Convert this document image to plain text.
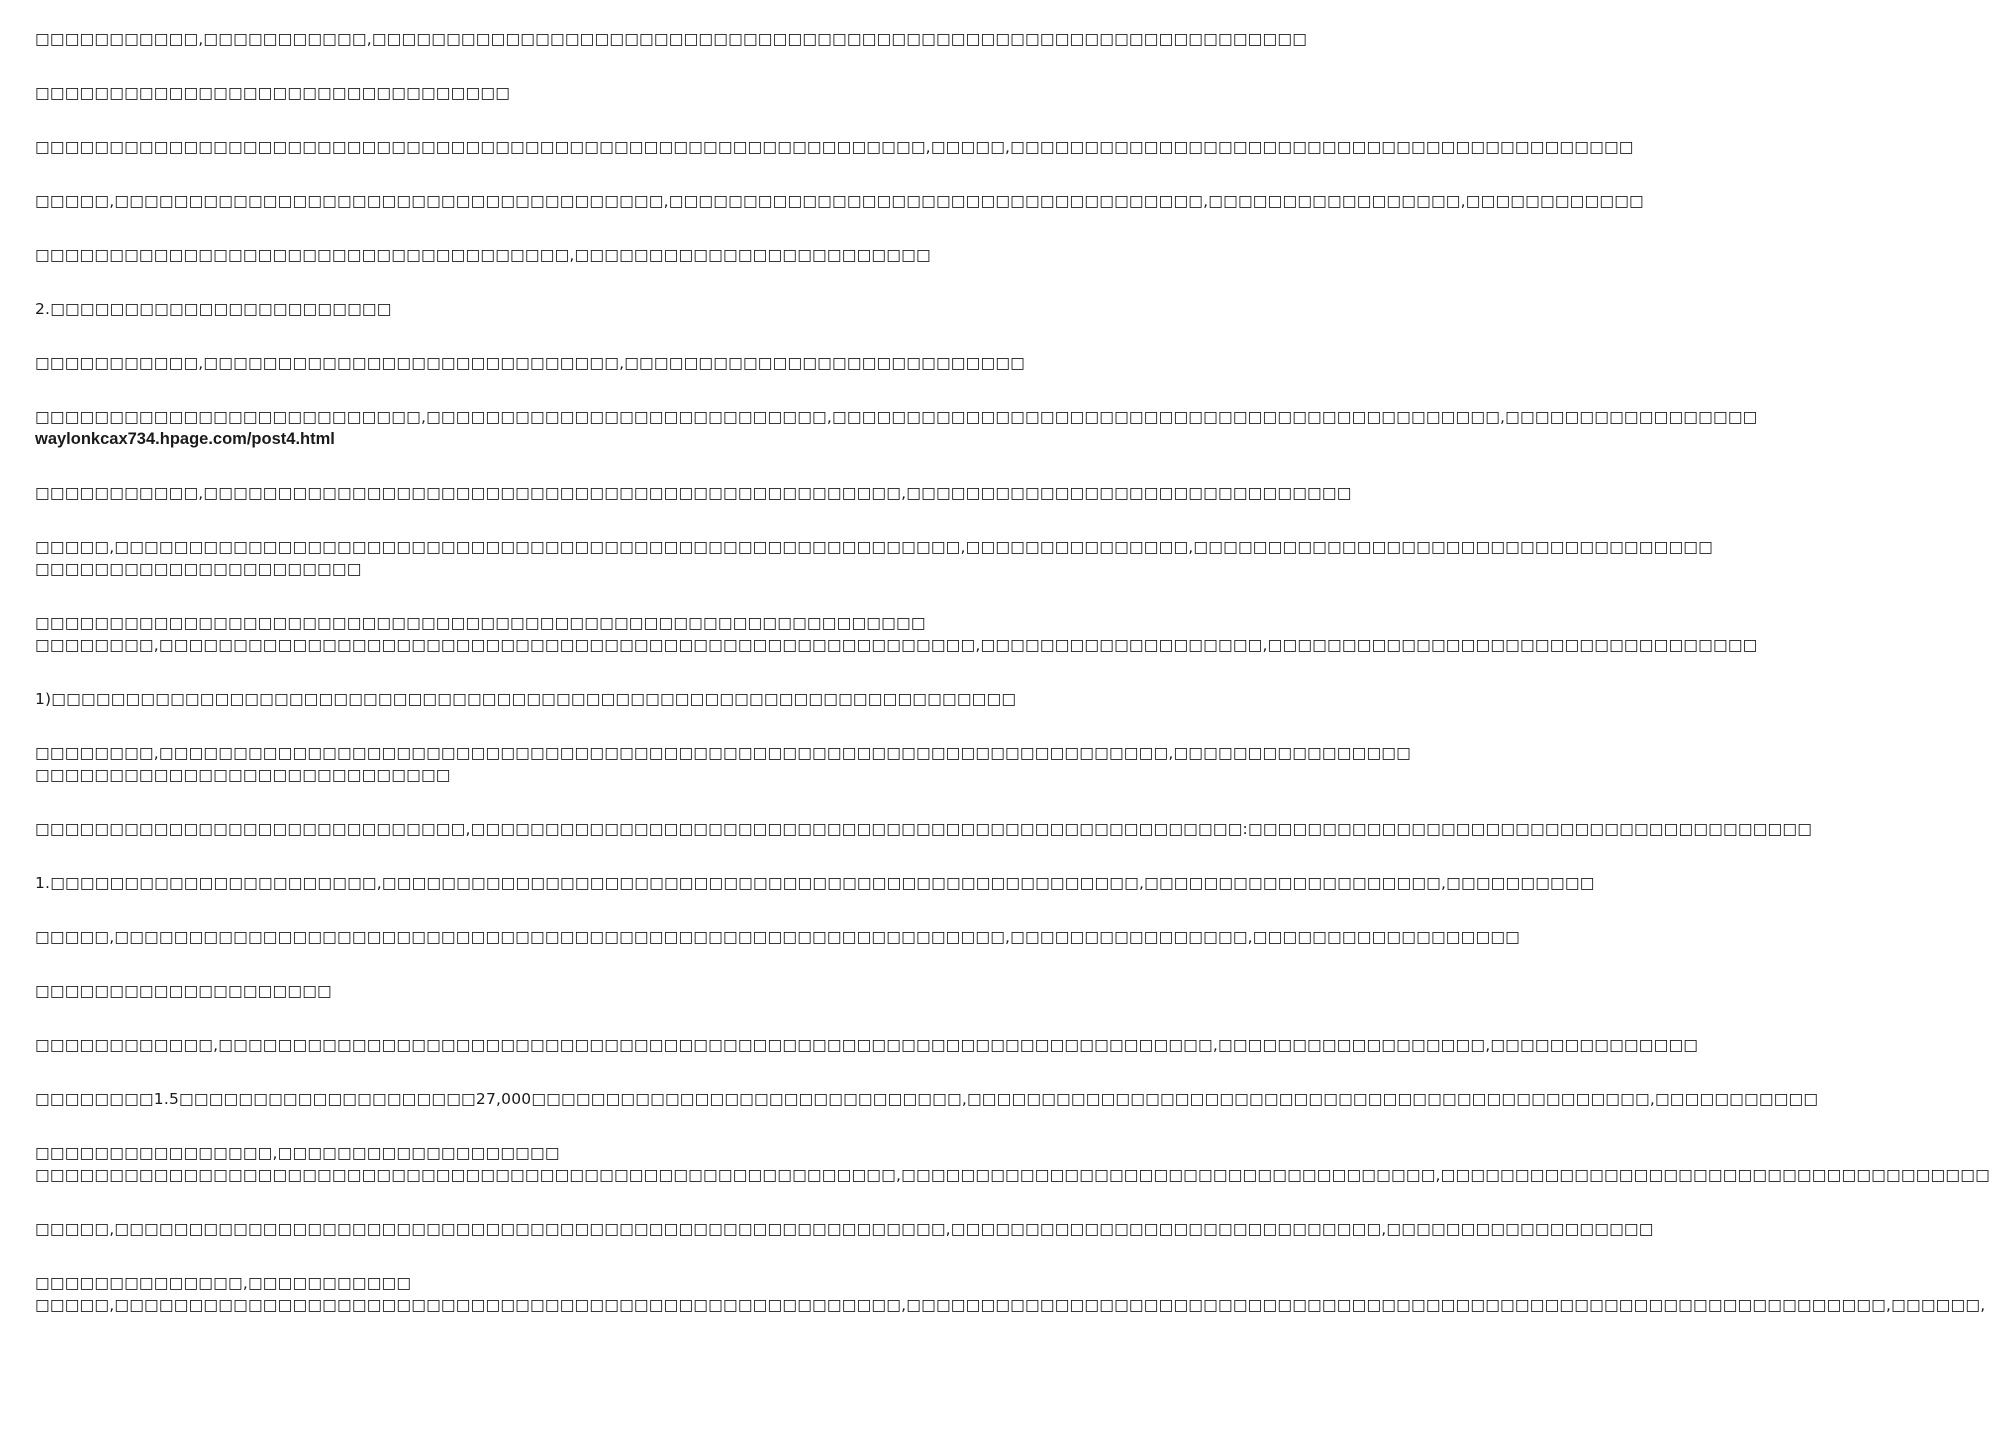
□□□□□□□□□□□,□□□□□□□□□□□,□□□□□□□□□□□□□□□□□□□□□□□□□□□□□□□□□□□□□□□□□□□□□□□□□□□□□□□□□□□□□□□
□□□□□□□□□□□□□□□□□□□□□□□□□□□□□□□□
□□□□□□□□□□□□□□□□□□□□□□□□□□□□□□□□□□□□□□□□□□□□□□□□□□□□□□□□□□□□,□□□□□,□□□□□□□□□□□□□□□□□□□□□□□□□□□□□□□□□□□□□□□□□□
□□□□□,□□□□□□□□□□□□□□□□□□□□□□□□□□□□□□□□□□□□□,□□□□□□□□□□□□□□□□□□□□□□□□□□□□□□□□□□□□,□□□□□□□□□□□□□□□□□,□□□□□□□□□□□□
□□□□□□□□□□□□□□□□□□□□□□□□□□□□□□□□□□□□,□□□□□□□□□□□□□□□□□□□□□□□□
2.□□□□□□□□□□□□□□□□□□□□□□□
□□□□□□□□□□□,□□□□□□□□□□□□□□□□□□□□□□□□□□□□,□□□□□□□□□□□□□□□□□□□□□□□□□□□
□□□□□□□□□□□□□□□□□□□□□□□□□□,□□□□□□□□□□□□□□□□□□□□□□□□□□□,□□□□□□□□□□□□□□□□□□□□□□□□□□□□□□□□□□□□□□□□□□□□□,□□□□□□□□□□□□□□□□□
waylonkcax734.hpage.com/post4.html
□□□□□□□□□□□,□□□□□□□□□□□□□□□□□□□□□□□□□□□□□□□□□□□□□□□□□□□□□□□,□□□□□□□□□□□□□□□□□□□□□□□□□□□□□□
□□□□□,□□□□□□□□□□□□□□□□□□□□□□□□□□□□□□□□□□□□□□□□□□□□□□□□□□□□□□□□□,□□□□□□□□□□□□□□□,□□□□□□□□□□□□□□□□□□□□□□□□□□□□□□□□□□□
□□□□□□□□□□□□□□□□□□□□□□
□□□□□□□□□□□□□□□□□□□□□□□□□□□□□□□□□□□□□□□□□□□□□□□□□□□□□□□□□□□□
□□□□□□□□,□□□□□□□□□□□□□□□□□□□□□□□□□□□□□□□□□□□□□□□□□□□□□□□□□□□□□□□,□□□□□□□□□□□□□□□□□□□,□□□□□□□□□□□□□□□□□□□□□□□□□□□□□□□□□
1)□□□□□□□□□□□□□□□□□□□□□□□□□□□□□□□□□□□□□□□□□□□□□□□□□□□□□□□□□□□□□□□□□
□□□□□□□□,□□□□□□□□□□□□□□□□□□□□□□□□□□□□□□□□□□□□□□□□□□□□□□□□□□□□□□□□□□□□□□□□□□□□,□□□□□□□□□□□□□□□□
□□□□□□□□□□□□□□□□□□□□□□□□□□□□
□□□□□□□□□□□□□□□□□□□□□□□□□□□□□,□□□□□□□□□□□□□□□□□□□□□□□□□□□□□□□□□□□□□□□□□□□□□□□□□□□□:□□□□□□□□□□□□□□□□□□□□□□□□□□□□□□□□□□□□□□
1.□□□□□□□□□□□□□□□□□□□□□□,□□□□□□□□□□□□□□□□□□□□□□□□□□□□□□□□□□□□□□□□□□□□□□□□□□□,□□□□□□□□□□□□□□□□□□□□,□□□□□□□□□□
□□□□□,□□□□□□□□□□□□□□□□□□□□□□□□□□□□□□□□□□□□□□□□□□□□□□□□□□□□□□□□□□□□,□□□□□□□□□□□□□□□□,□□□□□□□□□□□□□□□□□□
□□□□□□□□□□□□□□□□□□□□
□□□□□□□□□□□□,□□□□□□□□□□□□□□□□□□□□□□□□□□□□□□□□□□□□□□□□□□□□□□□□□□□□□□□□□□□□□□□□□□□,□□□□□□□□□□□□□□□□□□,□□□□□□□□□□□□□□
□□□□□□□□1.5□□□□□□□□□□□□□□□□□□□□27,000□□□□□□□□□□□□□□□□□□□□□□□□□□□□□,□□□□□□□□□□□□□□□□□□□□□□□□□□□□□□□□□□□□□□□□□□□□□□,□□□□□□□□□□□
□□□□□□□□□□□□□□□□,□□□□□□□□□□□□□□□□□□□
□□□□□□□□□□□□□□□□□□□□□□□□□□□□□□□□□□□□□□□□□□□□□□□□□□□□□□□□□□,□□□□□□□□□□□□□□□□□□□□□□□□□□□□□□□□□□□□,□□□□□□□□□□□□□□□□□□□□□□□□□□□□□□□□□□□□□
□□□□□,□□□□□□□□□□□□□□□□□□□□□□□□□□□□□□□□□□□□□□□□□□□□□□□□□□□□□□□□,□□□□□□□□□□□□□□□□□□□□□□□□□□□□□,□□□□□□□□□□□□□□□□□□
□□□□□□□□□□□□□□,□□□□□□□□□□□
□□□□□,□□□□□□□□□□□□□□□□□□□□□□□□□□□□□□□□□□□□□□□□□□□□□□□□□□□□□,□□□□□□□□□□□□□□□□□□□□□□□□□□□□□□□□□□□□□□□□□□□□□□□□□□□□□□□□□□□□□□□□□□,□□□□□□,
